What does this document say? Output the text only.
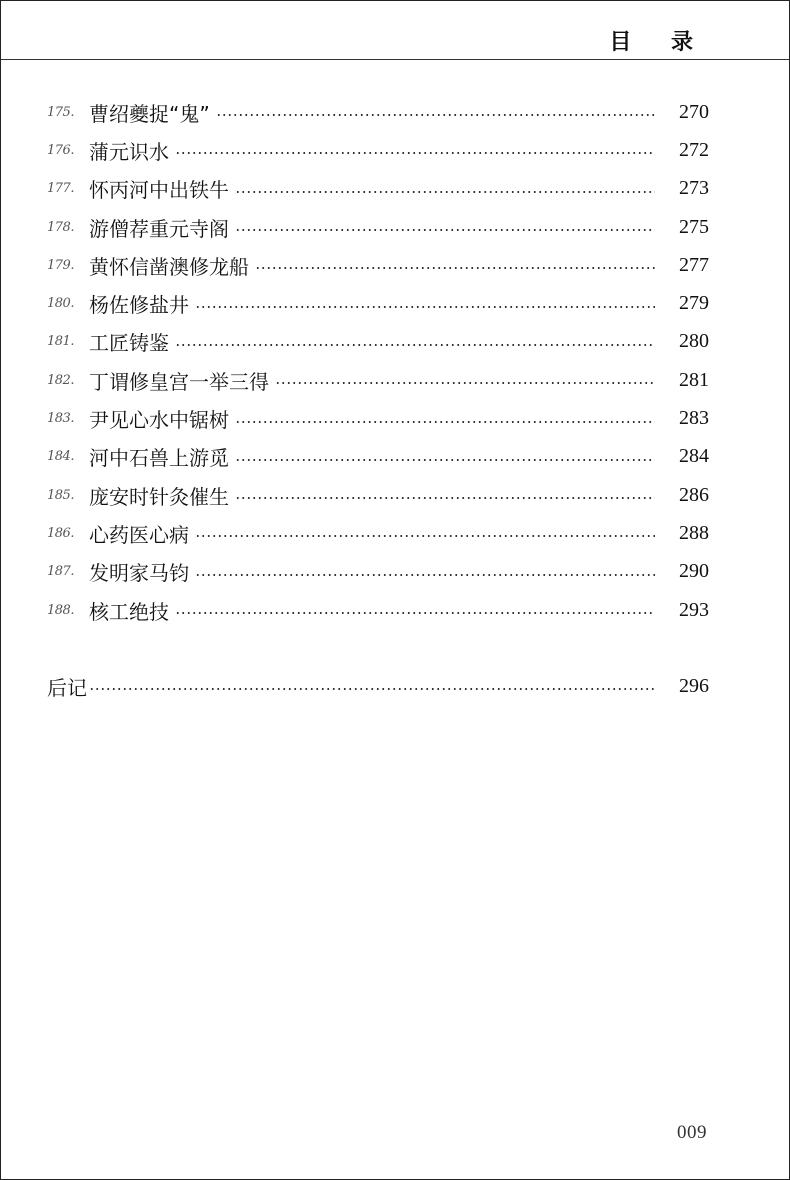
目 录
175. 曹绍夔捉“鬼”	270
176. 蒲元识水	272
177. 怀丙河中出铁牛	273
178. 游僧荐重元寺阁	275
179. 黄怀信凿澳修龙船	277
180. 杨佐修盐井	279
181. 工匠铸鉴	280
182. 丁谓修皇宫一举三得	281
183. 尹见心水中锯树	283
184. 河中石兽上游觅	284
185. 庞安时针灸催生	286
186. 心药医心病	288
187. 发明家马钧	290
188. 核工绝技	293
后记	296
009
